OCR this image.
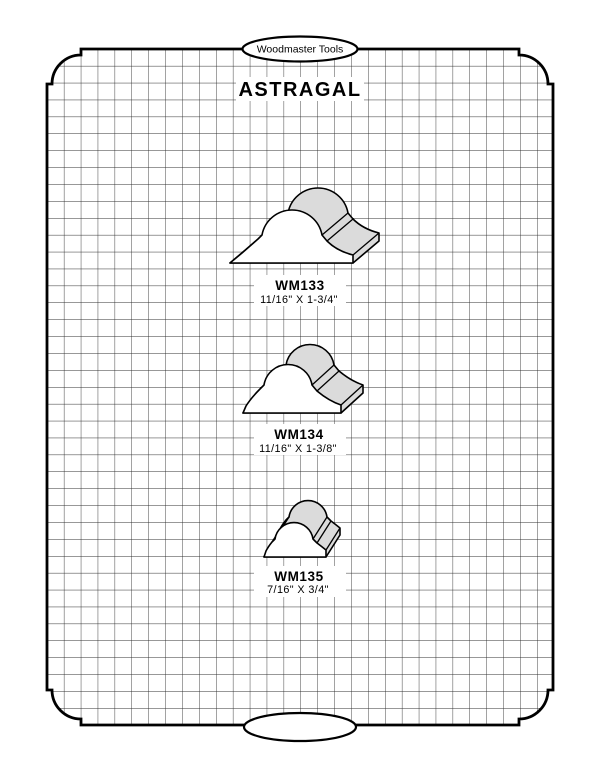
ASTRAGAL
WM133
11/16" X 1-3/4"
WM134
11/16" X 1-3/8"
WM135
7/16" X 3/4"
Woodmaster Tools
